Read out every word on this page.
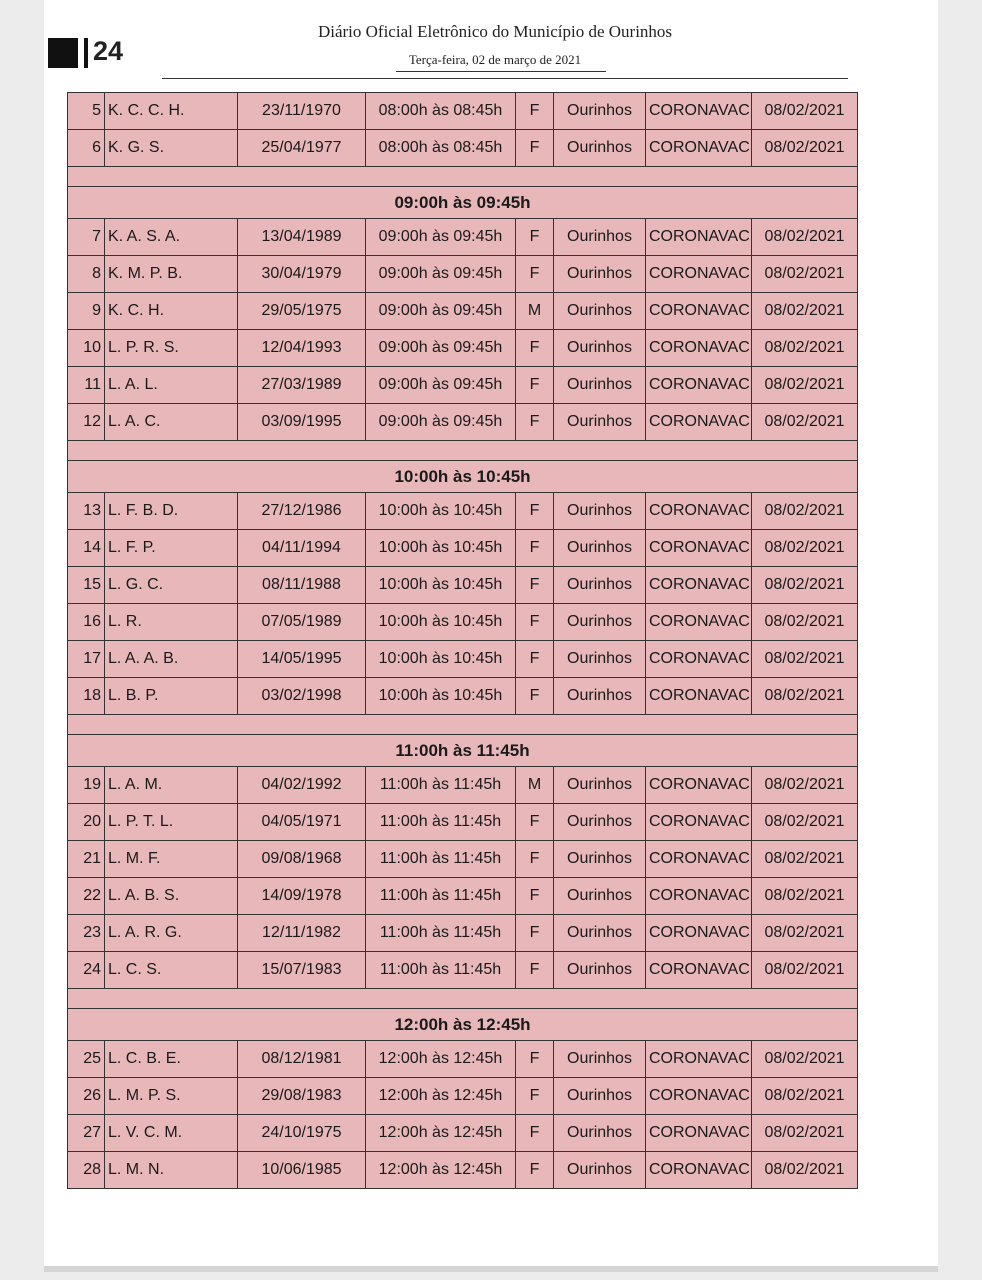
24
Diário Oficial Eletrônico do Município de Ourinhos
Terça-feira, 02 de março de 2021
5	K. C. C. H.	23/11/1970	08:00h às 08:45h	F	Ourinhos	CORONAVAC	08/02/2021
6	K. G. S.	25/04/1977	08:00h às 08:45h	F	Ourinhos	CORONAVAC	08/02/2021

09:00h às 09:45h							
7	K. A. S. A.	13/04/1989	09:00h às 09:45h	F	Ourinhos	CORONAVAC	08/02/2021
8	K. M. P. B.	30/04/1979	09:00h às 09:45h	F	Ourinhos	CORONAVAC	08/02/2021
9	K. C. H.	29/05/1975	09:00h às 09:45h	M	Ourinhos	CORONAVAC	08/02/2021
10	L. P. R. S.	12/04/1993	09:00h às 09:45h	F	Ourinhos	CORONAVAC	08/02/2021
11	L. A. L.	27/03/1989	09:00h às 09:45h	F	Ourinhos	CORONAVAC	08/02/2021
12	L. A. C.	03/09/1995	09:00h às 09:45h	F	Ourinhos	CORONAVAC	08/02/2021

10:00h às 10:45h							
13	L. F. B. D.	27/12/1986	10:00h às 10:45h	F	Ourinhos	CORONAVAC	08/02/2021
14	L. F. P.	04/11/1994	10:00h às 10:45h	F	Ourinhos	CORONAVAC	08/02/2021
15	L. G. C.	08/11/1988	10:00h às 10:45h	F	Ourinhos	CORONAVAC	08/02/2021
16	L. R.	07/05/1989	10:00h às 10:45h	F	Ourinhos	CORONAVAC	08/02/2021
17	L. A. A. B.	14/05/1995	10:00h às 10:45h	F	Ourinhos	CORONAVAC	08/02/2021
18	L. B. P.	03/02/1998	10:00h às 10:45h	F	Ourinhos	CORONAVAC	08/02/2021

11:00h às 11:45h							
19	L. A. M.	04/02/1992	11:00h às 11:45h	M	Ourinhos	CORONAVAC	08/02/2021
20	L. P. T. L.	04/05/1971	11:00h às 11:45h	F	Ourinhos	CORONAVAC	08/02/2021
21	L. M. F.	09/08/1968	11:00h às 11:45h	F	Ourinhos	CORONAVAC	08/02/2021
22	L. A. B. S.	14/09/1978	11:00h às 11:45h	F	Ourinhos	CORONAVAC	08/02/2021
23	L. A. R. G.	12/11/1982	11:00h às 11:45h	F	Ourinhos	CORONAVAC	08/02/2021
24	L. C. S.	15/07/1983	11:00h às 11:45h	F	Ourinhos	CORONAVAC	08/02/2021

12:00h às 12:45h							
25	L. C. B. E.	08/12/1981	12:00h às 12:45h	F	Ourinhos	CORONAVAC	08/02/2021
26	L. M. P. S.	29/08/1983	12:00h às 12:45h	F	Ourinhos	CORONAVAC	08/02/2021
27	L. V. C. M.	24/10/1975	12:00h às 12:45h	F	Ourinhos	CORONAVAC	08/02/2021
28	L. M. N.	10/06/1985	12:00h às 12:45h	F	Ourinhos	CORONAVAC	08/02/2021
